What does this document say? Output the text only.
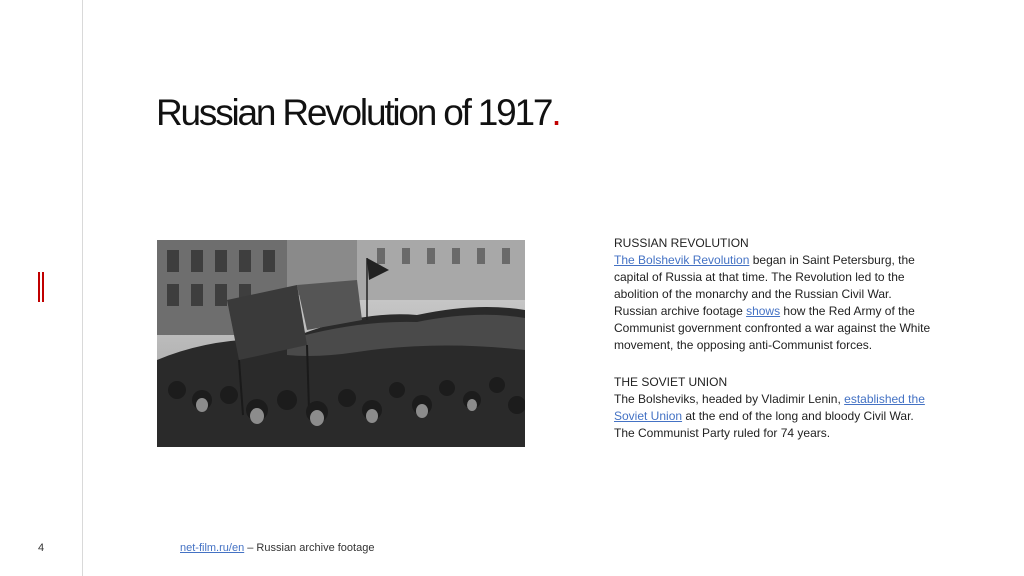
Russian Revolution of 1917.
RUSSIAN REVOLUTION
The Bolshevik Revolution began in Saint Petersburg, the capital of Russia at that time. The Revolution led to the abolition of the monarchy and the Russian Civil War. Russian archive footage shows how the Red Army of the Communist government confronted a war against the White movement, the opposing anti-Communist forces.
THE SOVIET UNION
The Bolsheviks, headed by Vladimir Lenin, established the Soviet Union at the end of the long and bloody Civil War. The Communist Party ruled for 74 years.
4	net-film.ru/en – Russian archive footage
